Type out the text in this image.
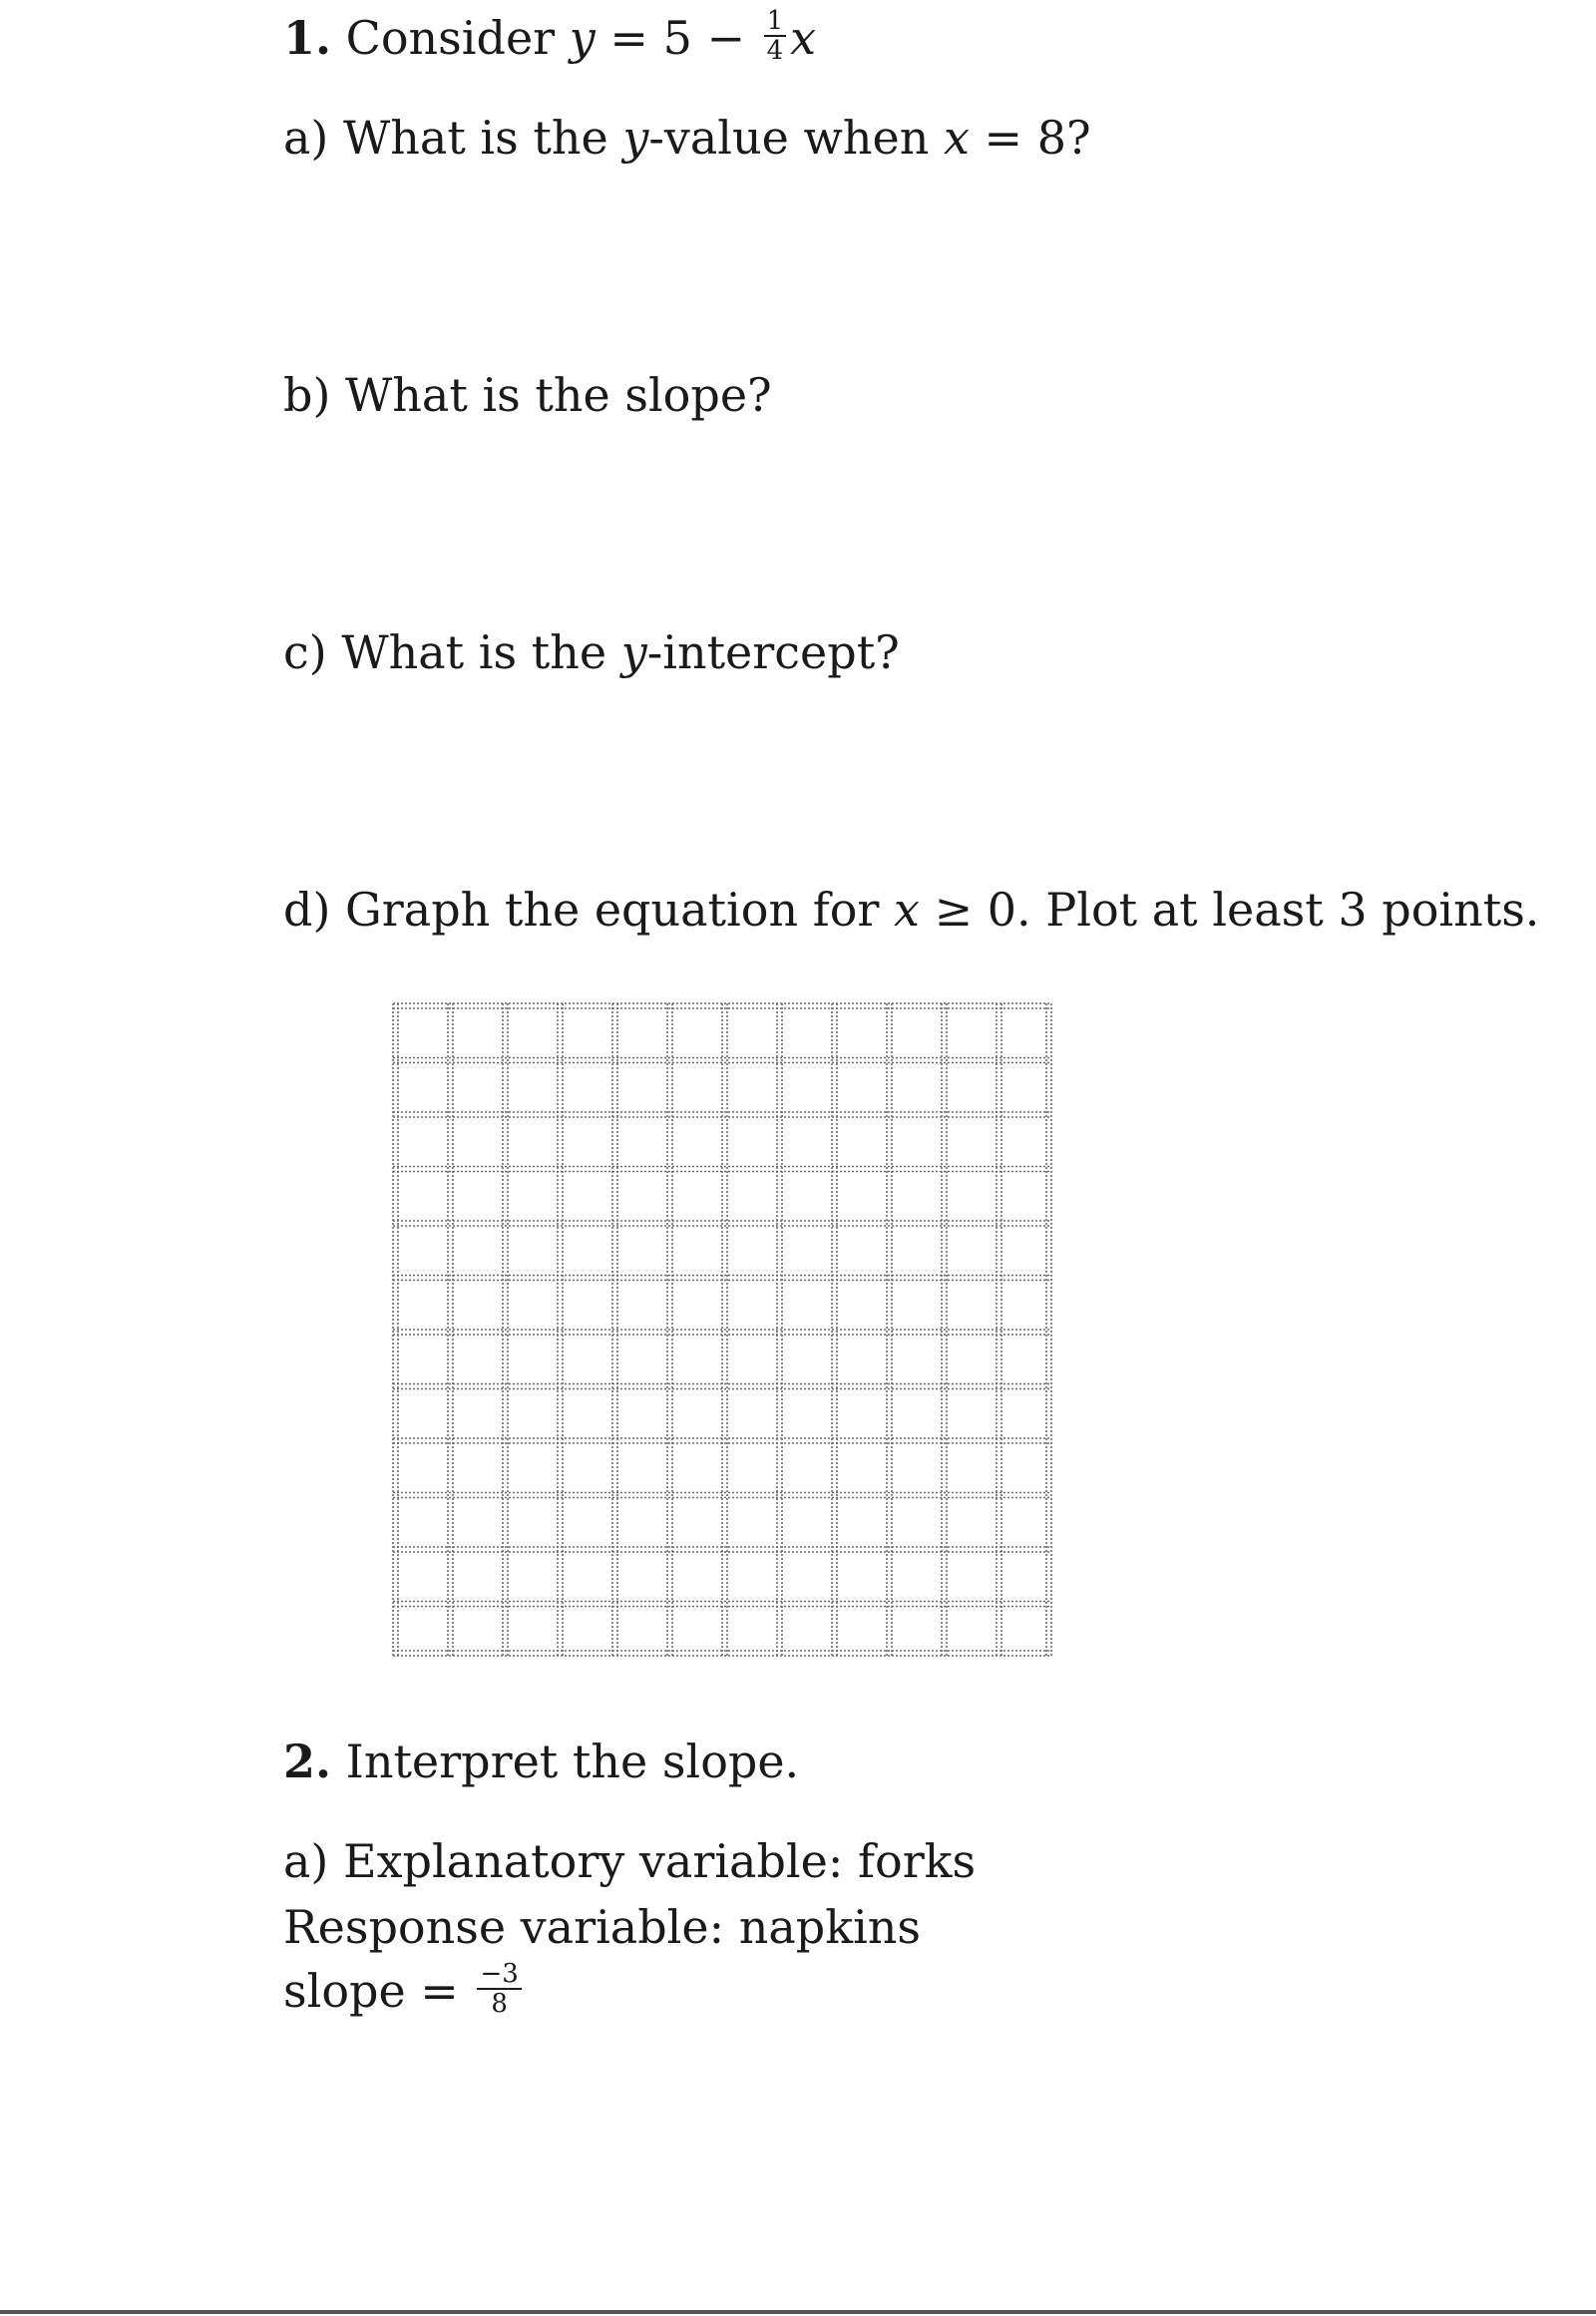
1. Consider $y = 5 - \frac{1}{4}$ x
a) What is the y-value when x = 8?
b) What is the slope?
c) What is the y-intercept?
d) Graph the equation for x ≥ 0. Plot at least 3 points.
2. Interpret the slope.
a) Explanatory variable: forks
Response variable: napkins
slope = $\frac{-3}{8}$
